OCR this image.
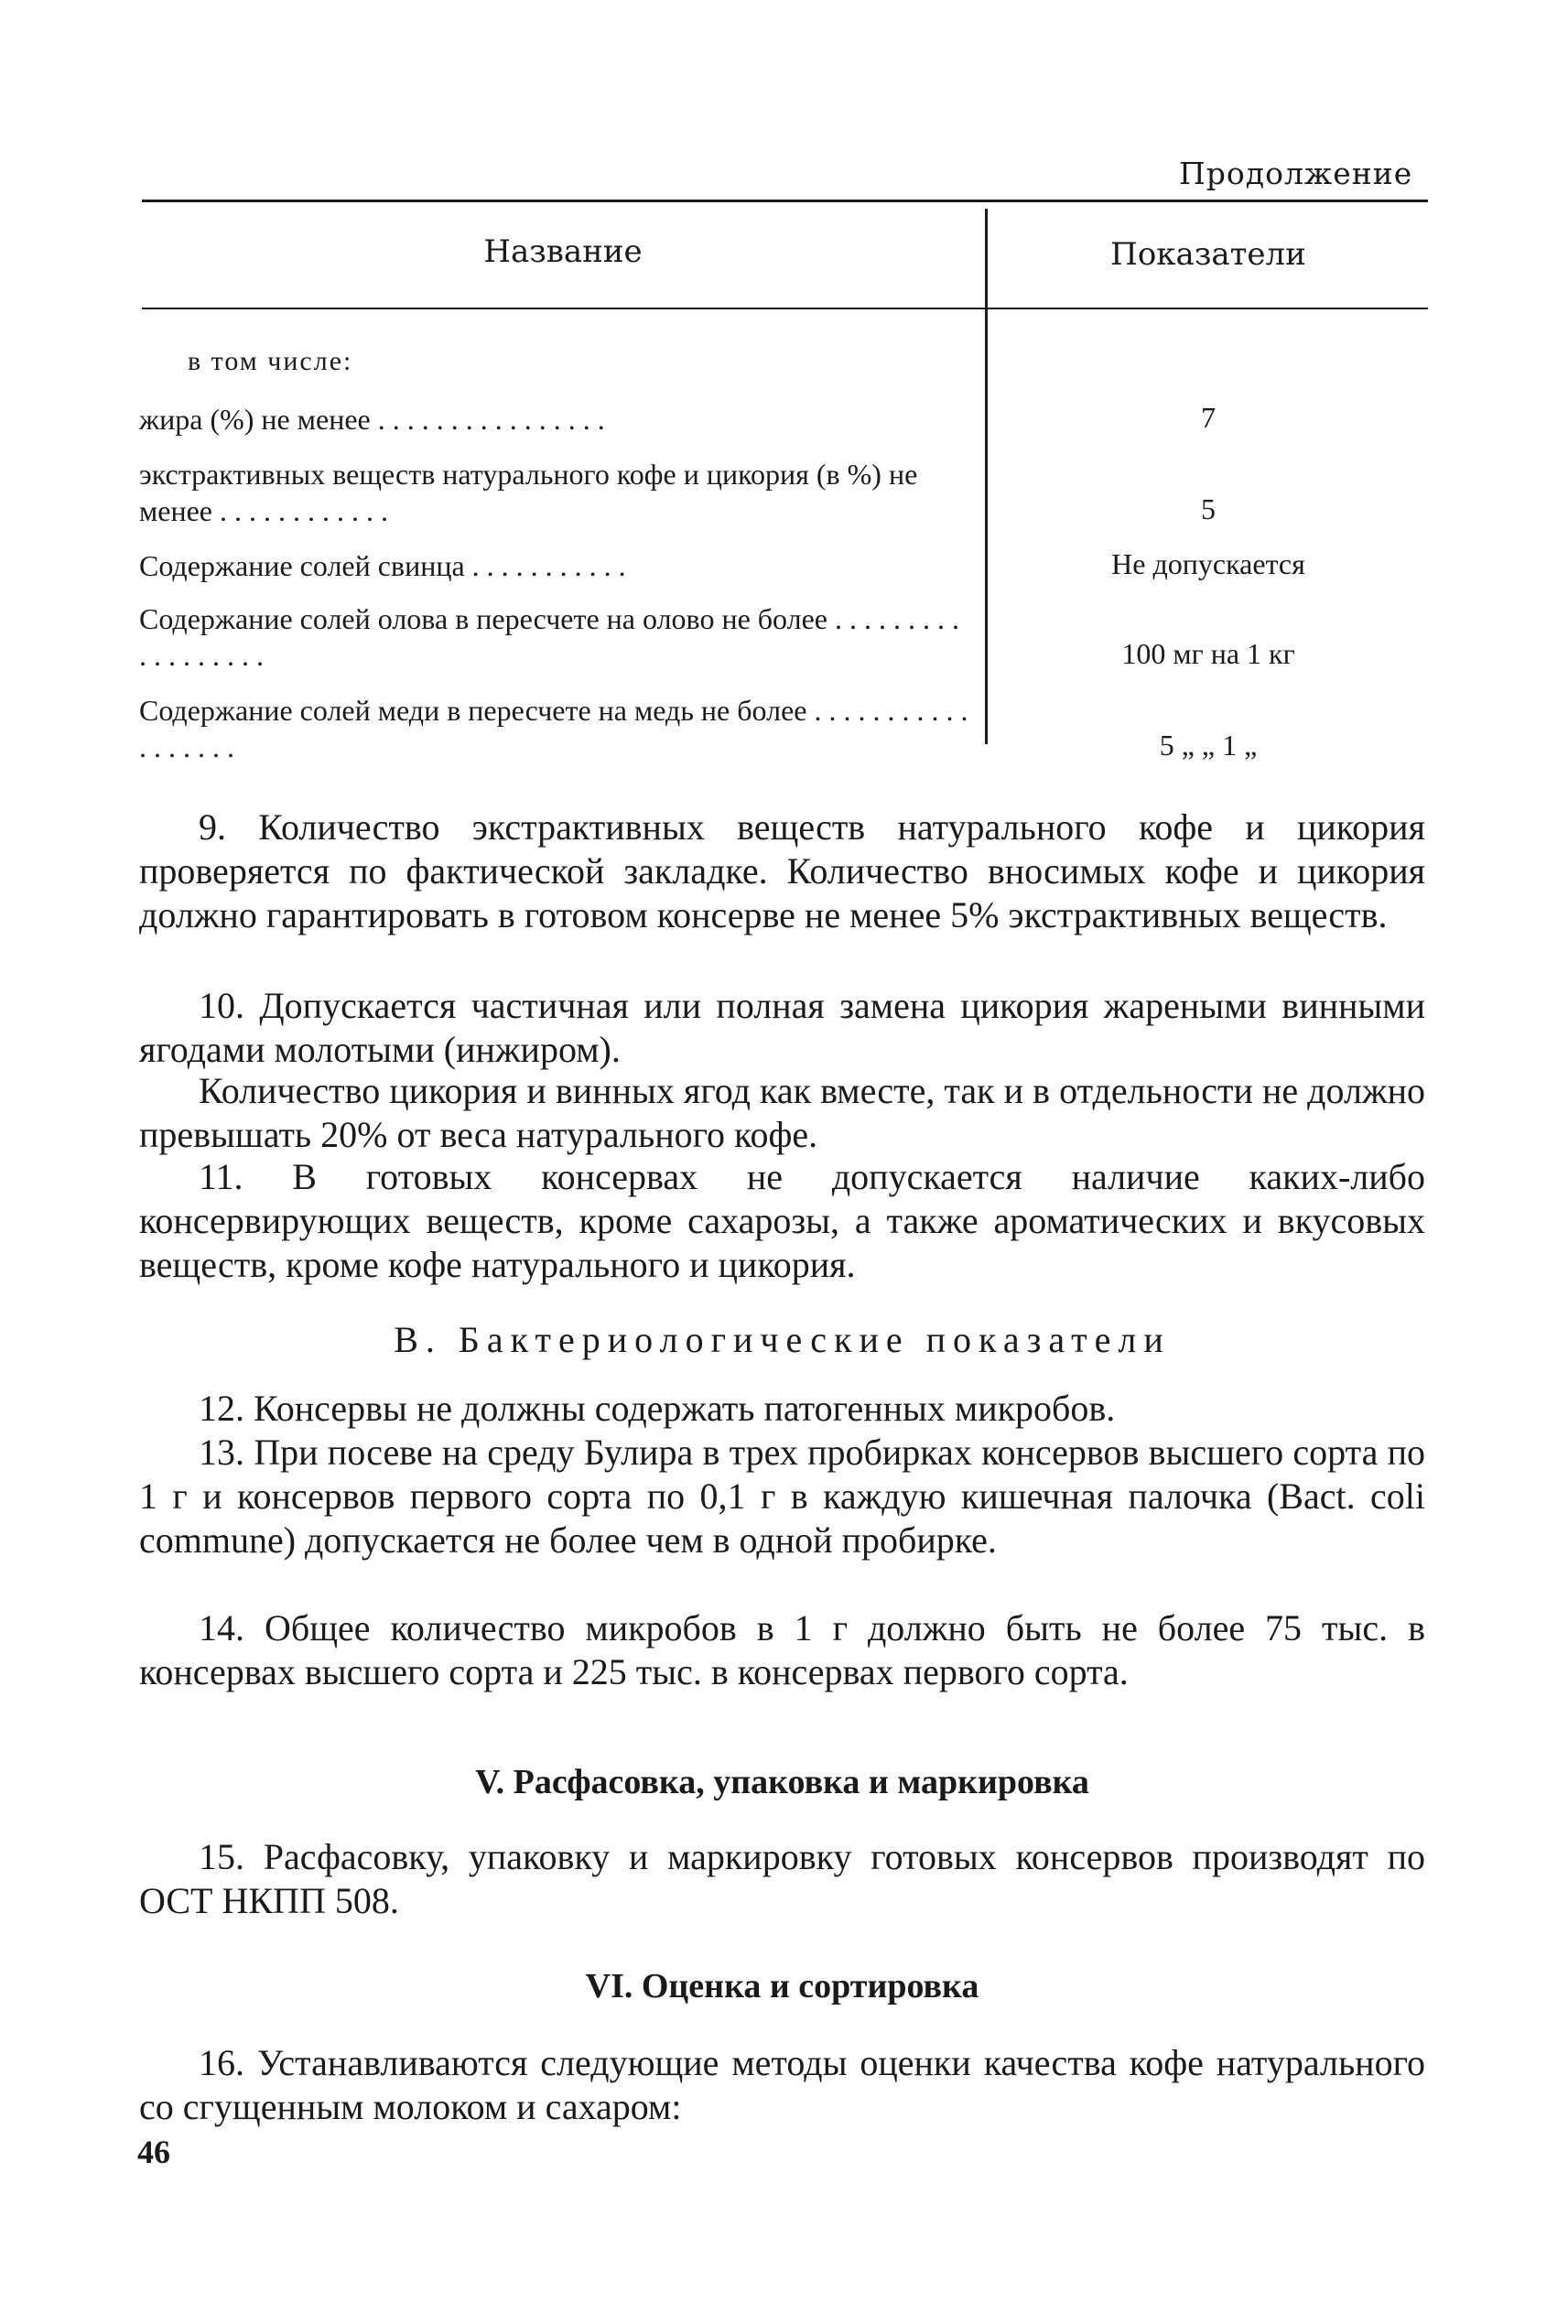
Продолжение
Название	Показатели
в том числе:
жира (%) не менее . . . . . . . . . . . . . . . .	7
экстрактивных веществ натурального кофе и цикория (в %) не менее . . . . . . . . . . . .	5
Содержание солей свинца . . . . . . . . . . .	Не допускается
Содержание солей олова в пересчете на олово не более . . . . . . . . . . . . . . . . . .	100 мг на 1 кг
Содержание солей меди в пересчете на медь не более . . . . . . . . . . . . . . . . . .	5 „ „ 1 „
9. Количество экстрактивных веществ натурального кофе и цикория проверяется по фактической закладке. Количество вносимых кофе и цикория должно гарантировать в готовом консерве не менее 5% экстрактивных веществ.
10. Допускается частичная или полная замена цикория жареными винными ягодами молотыми (инжиром).
Количество цикория и винных ягод как вместе, так и в отдельности не должно превышать 20% от веса натурального кофе.
11. В готовых консервах не допускается наличие каких-либо консервирующих веществ, кроме сахарозы, а также ароматических и вкусовых веществ, кроме кофе натурального и цикория.
В. Бактериологические показатели
12. Консервы не должны содержать патогенных микробов.
13. При посеве на среду Булира в трех пробирках консервов высшего сорта по 1 г и консервов первого сорта по 0,1 г в каждую кишечная палочка (Bact. coli commune) допускается не более чем в одной пробирке.
14. Общее количество микробов в 1 г должно быть не более 75 тыс. в консервах высшего сорта и 225 тыс. в консервах первого сорта.
V. Расфасовка, упаковка и маркировка
15. Расфасовку, упаковку и маркировку готовых консервов производят по ОСТ НКПП 508.
VI. Оценка и сортировка
16. Устанавливаются следующие методы оценки качества кофе натурального со сгущенным молоком и сахаром:
46
